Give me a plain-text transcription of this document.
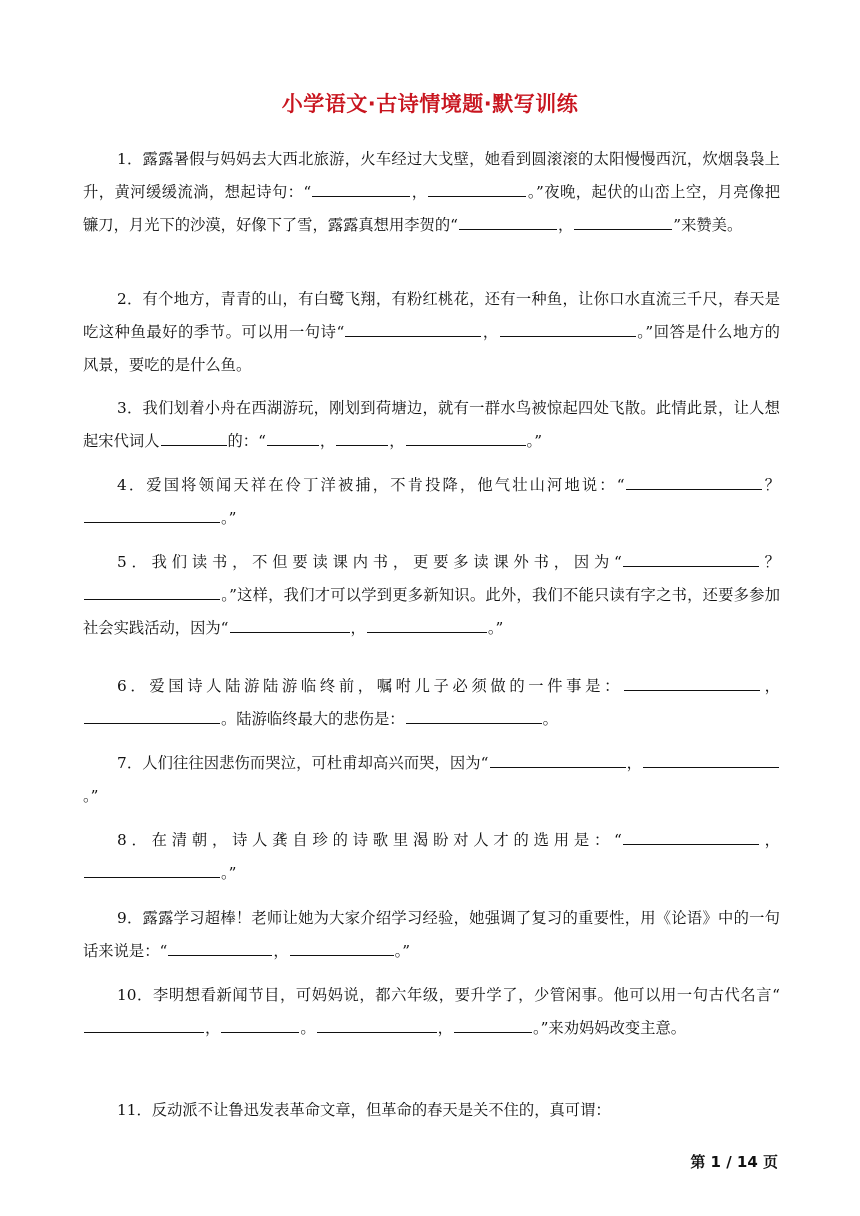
小学语文·古诗情境题·默写训练

1．露露暑假与妈妈去大西北旅游，火车经过大戈壁，她看到圆滚滚的太阳慢慢西沉，炊烟袅袅上升，黄河缓缓流淌，想起诗句：“	，	。”夜晚，起伏的山峦上空，月亮像把镰刀，月光下的沙漠，好像下了雪，露露真想用李贺的“	，	”来赞美。

2．有个地方，青青的山，有白鹭飞翔，有粉红桃花，还有一种鱼，让你口水直流三千尺，春天是吃这种鱼最好的季节。可以用一句诗“	，	。”回答是什么地方的风景，要吃的是什么鱼。

3．我们划着小舟在西湖游玩，刚划到荷塘边，就有一群水鸟被惊起四处飞散。此情此景，让人想起宋代词人	的：“	，	，	。”

4．爱国将领闻天祥在伶丁洋被捕，不肯投降，他气壮山河地说：“	？。”

5．我们读书，不但要读课内书，更要多读课外书，因为“	？。”这样，我们才可以学到更多新知识。此外，我们不能只读有字之书，还要多参加社会实践活动，因为“	，	。”

6．爱国诗人陆游陆游临终前，嘱咐儿子必须做的一件事是：	，。陆游临终最大的悲伤是：	。

7．人们往往因悲伤而哭泣，可杜甫却高兴而哭，因为“	，。”

8．在清朝，诗人龚自珍的诗歌里渴盼对人才的选用是：“	，。”

9．露露学习超棒！老师让她为大家介绍学习经验，她强调了复习的重要性，用《论语》中的一句话来说是：“	，	。”

10．李明想看新闻节目，可妈妈说，都六年级，要升学了，少管闲事。他可以用一句古代名言“，	。	，	。”来劝妈妈改变主意。

11．反动派不让鲁迅发表革命文章，但革命的春天是关不住的，真可谓：

第 1 / 14 页
